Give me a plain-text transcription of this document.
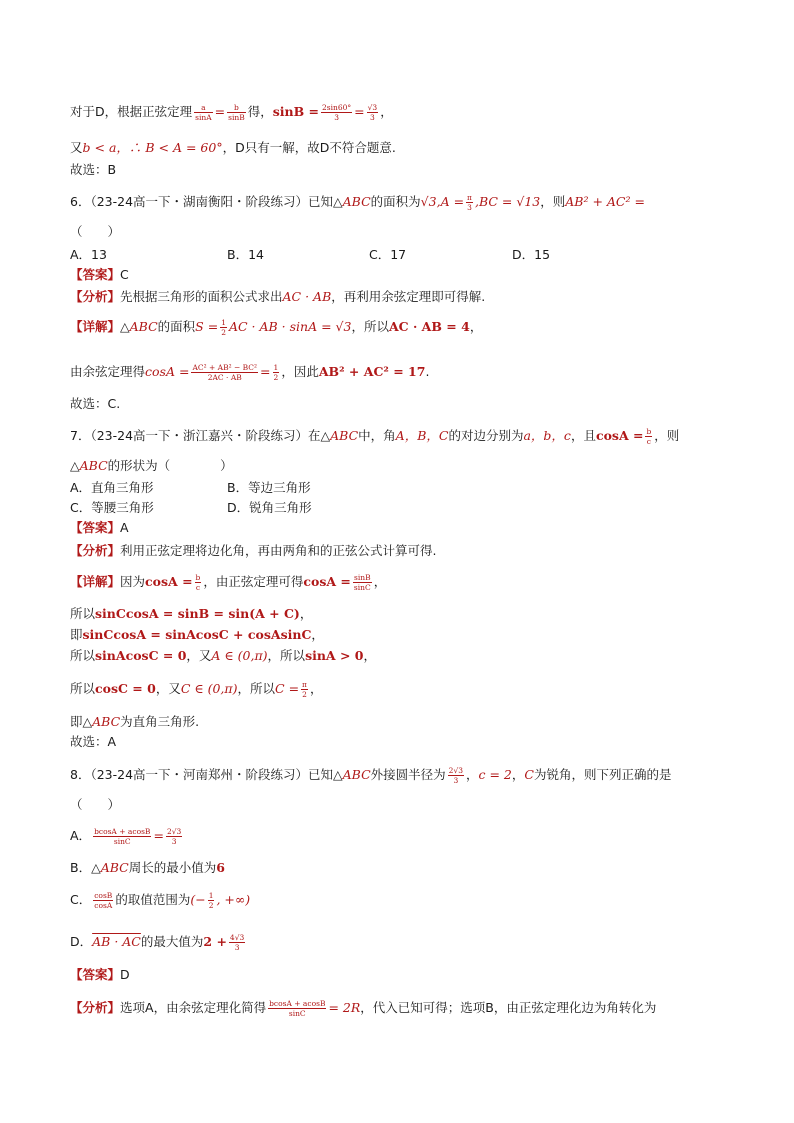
对于D，根据正弦定理 $\frac{a}{\sin A} = \frac{b}{\sin B}$ 得，$\sin B = \frac{2\sin 60^\circ}{3} = \frac{√3}{3}$ ，
又b < a，∴ B < A = 60°，D只有一解，故D不符合题意.
故选：B
6．（23-24高一下・湖南衡阳・阶段练习）已知△ABC的面积为$√3,A = \frac{\pi}{3} ,BC = √13$，则AB² + AC² =
（　　）
A．13	B．14	C．17	D．15
【答案】C
【分析】先根据三角形的面积公式求出AC · AB，再利用余弦定理即可得解.
【详解】△ABC的面积$S = \frac{1}{2}$ AC · AB · sinA = √3，所以AC · AB = 4，
由余弦定理得$\cos A = \frac{\text{AC² + AB² − BC²}}{2AC \cdot AB} = \frac{1}{2}$ ，因此AB² + AC² = 17.
故选：C.
7．（23-24高一下・浙江嘉兴・阶段练习）在△ABC中，角A，B，C的对边分别为a，b，c，且$\cos A = \frac{b}{c}$ ，则
△ABC的形状为（　　　　）
A．直角三角形	B．等边三角形
C．等腰三角形	D．锐角三角形
【答案】A
【分析】利用正弦定理将边化角，再由两角和的正弦公式计算可得.
【详解】因为$\cos A = \frac{b}{c}$ ，由正弦定理可得$\cos A = \frac{\sin B}{\sin C}$ ，
所以sinCcosA = sinB = sin(A + C)，
即sinCcosA = sinAcosC + cosAsinC，
所以sinAcosC = 0，又A ∈ (0,π)，所以sinA > 0，
所以cosC = 0，又C ∈ (0,π)，所以$C = \frac{\pi}{2}$ ，
即△ABC为直角三角形.
故选：A
8．（23-24高一下・河南郑州・阶段练习）已知△ABC外接圆半径为 $\frac{2√3}{3}$ ，c = 2，C为锐角，则下列正确的是
（　　）
A． $\frac{bcosA + acosB}{\sin C} = \frac{2√3}{3}$
B．△ABC周长的最小值为6
C． $\frac{\cos B}{\cos A}$ 的取值范围为(− $\frac{1}{2}$ , +∞)
D．AB · AC的最大值为$2 + \frac{4√3}{3}$
【答案】D
【分析】选项A，由余弦定理化简得 $\frac{bcosA + acosB}{\sin C} = 2R$，代入已知可得；选项B，由正弦定理化边为角转化为
